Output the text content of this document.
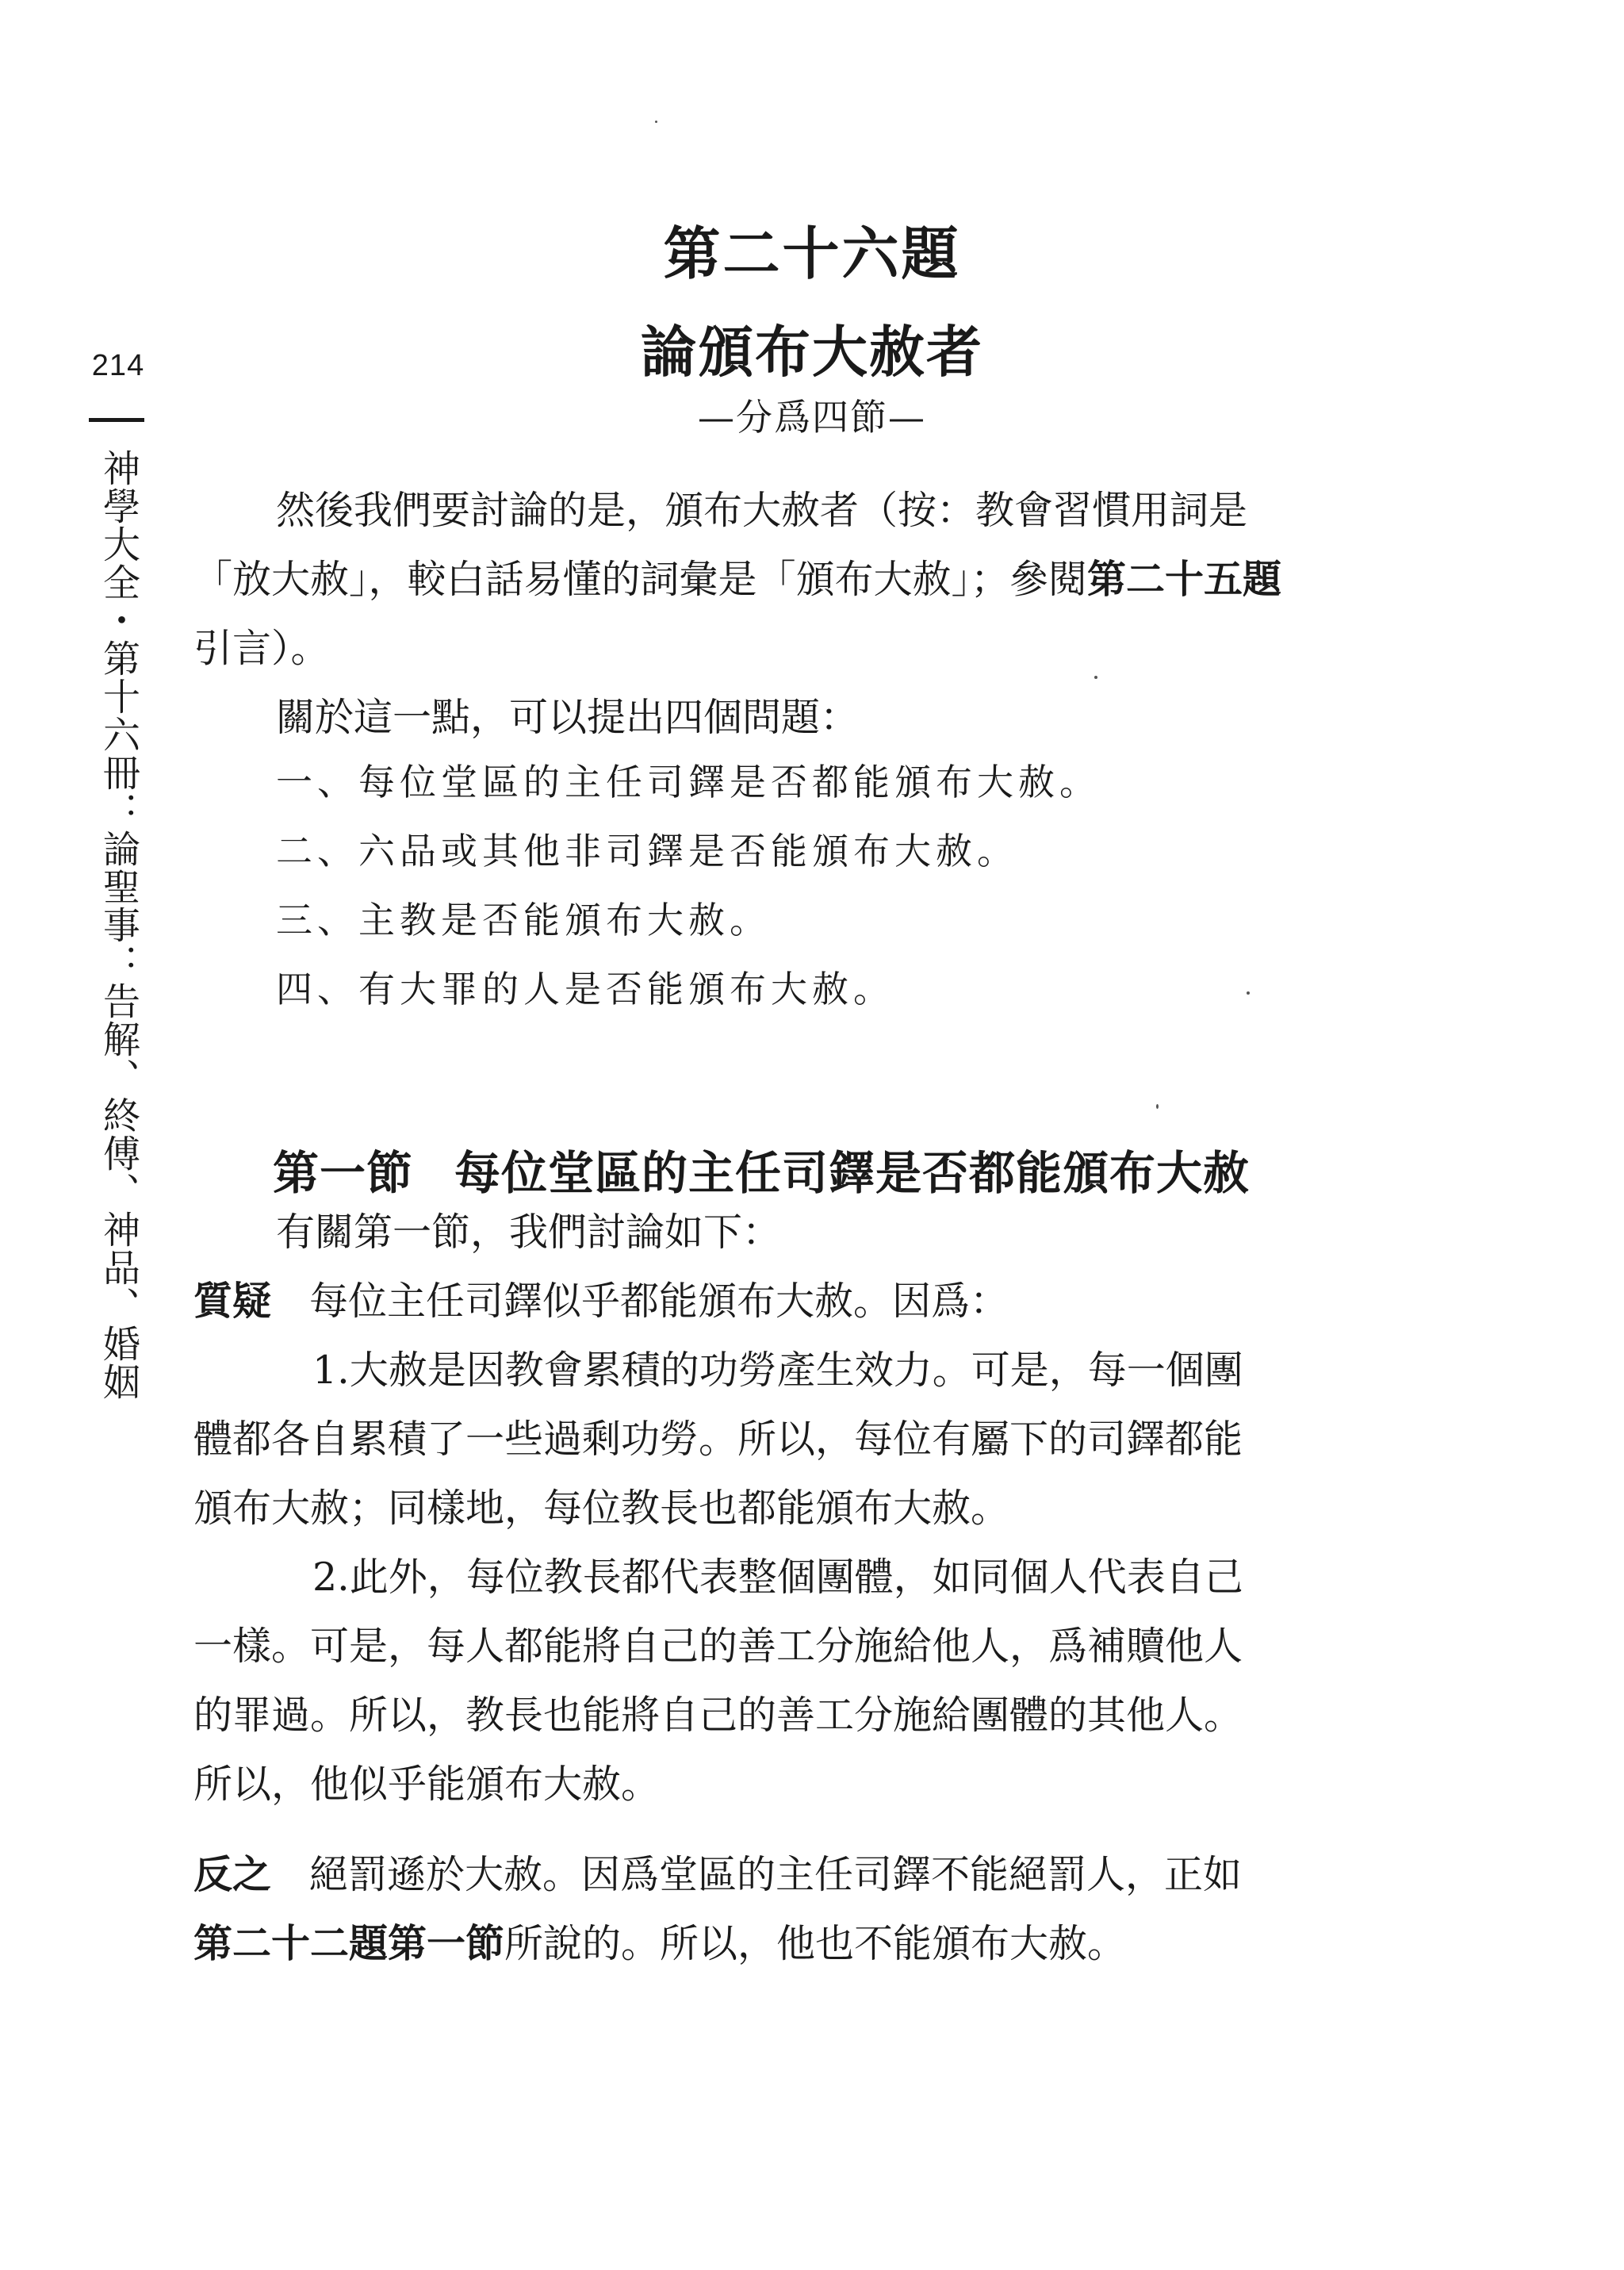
214
神學大全・第十六冊：論聖事：告解、終傅、神品、婚姻
第二十六題
論頒布大赦者
—分爲四節—
然後我們要討論的是，頒布大赦者（按：教會習慣用詞是
「放大赦」，較白話易懂的詞彙是「頒布大赦」；參閱第二十五題
引言）。
關於這一點，可以提出四個問題：
一、每位堂區的主任司鐸是否都能頒布大赦。
二、六品或其他非司鐸是否能頒布大赦。
三、主教是否能頒布大赦。
四、有大罪的人是否能頒布大赦。
第一節 每位堂區的主任司鐸是否都能頒布大赦
有關第一節，我們討論如下：
質疑 每位主任司鐸似乎都能頒布大赦。因爲：
1.大赦是因教會累積的功勞產生效力。可是，每一個團
體都各自累積了一些過剩功勞。所以，每位有屬下的司鐸都能
頒布大赦；同樣地，每位教長也都能頒布大赦。
2.此外，每位教長都代表整個團體，如同個人代表自己
一樣。可是，每人都能將自己的善工分施給他人，爲補贖他人
的罪過。所以，教長也能將自己的善工分施給團體的其他人。
所以，他似乎能頒布大赦。
反之 絕罰遜於大赦。因爲堂區的主任司鐸不能絕罰人，正如
第二十二題第一節所說的。所以，他也不能頒布大赦。
